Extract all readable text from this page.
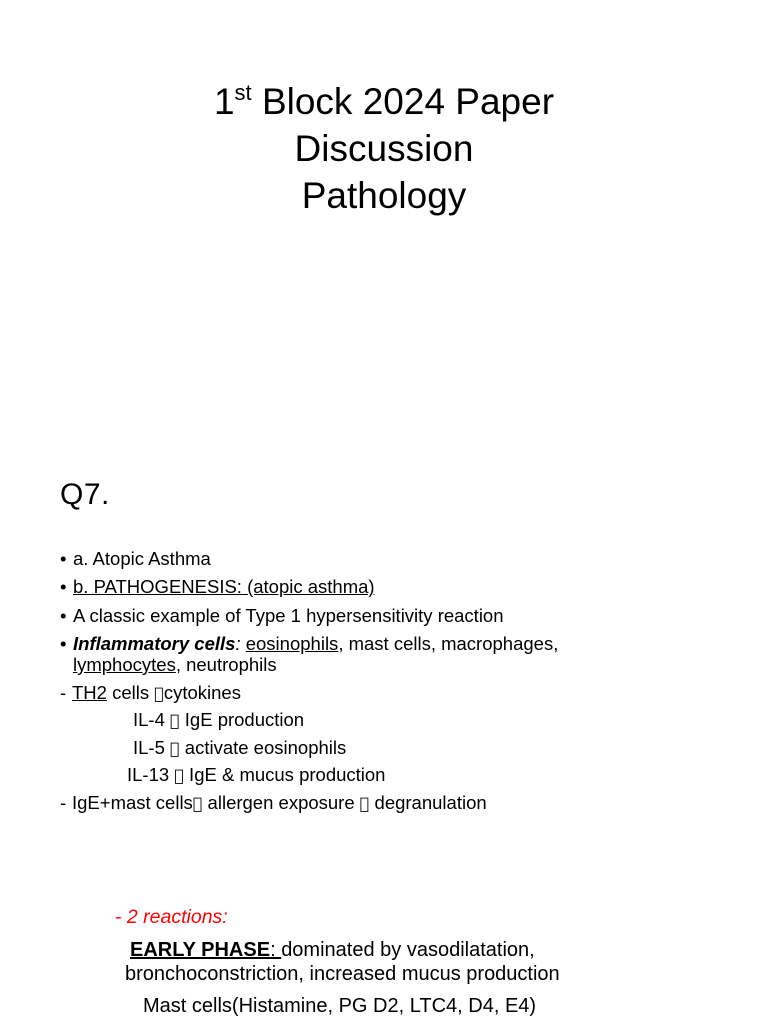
1st Block 2024 Paper
Discussion
Pathology
Q7.
• a. Atopic Asthma
• b. PATHOGENESIS: (atopic asthma)
• A classic example of Type 1 hypersensitivity reaction
• Inflammatory cells: eosinophils, mast cells, macrophages,
lymphocytes, neutrophils
- TH2 cells cytokines
IL-4 IgE production
IL-5 activate eosinophils
IL-13 IgE & mucus production
- IgE+mast cells allergen exposure degranulation
- 2 reactions:
EARLY PHASE: dominated by vasodilatation,
bronchoconstriction, increased mucus production
Mast cells(Histamine, PG D2, LTC4, D4, E4)
